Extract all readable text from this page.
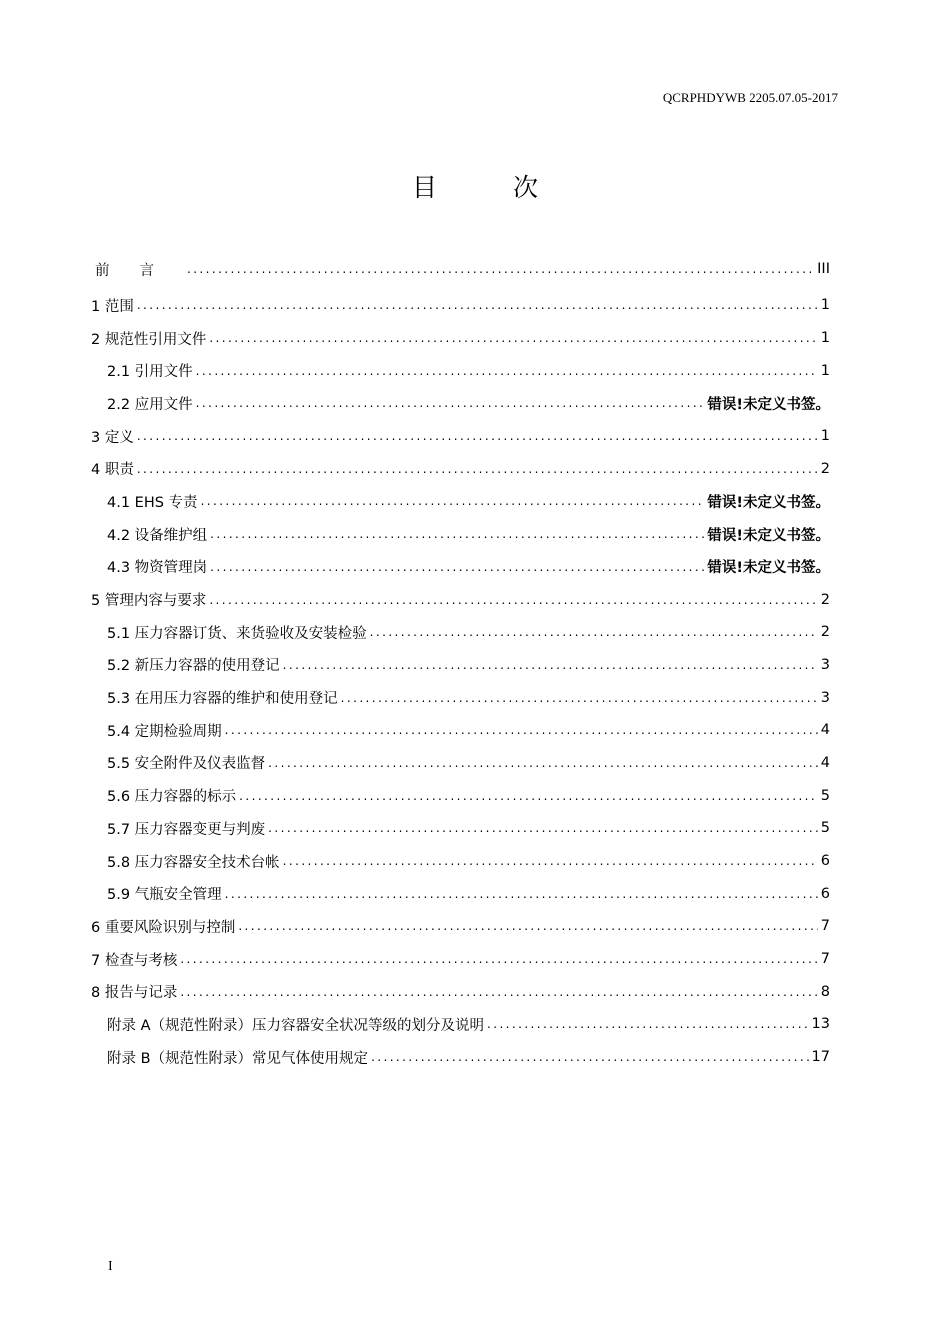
QCRPHDYWB 2205.07.05-2017
目 次
前言 .....	III
1 范围 .....	1
2 规范性引用文件 .....	1
2.1 引用文件 .....	1
2.2 应用文件 .....	错误!未定义书签。
3 定义 .....	1
4 职责 .....	2
4.1 EHS 专责 .....	错误!未定义书签。
4.2 设备维护组 .....	错误!未定义书签。
4.3 物资管理岗 .....	错误!未定义书签。
5 管理内容与要求 .....	2
5.1 压力容器订货、来货验收及安装检验 .....	2
5.2 新压力容器的使用登记 .....	3
5.3 在用压力容器的维护和使用登记 .....	3
5.4 定期检验周期 .....	4
5.5 安全附件及仪表监督 .....	4
5.6 压力容器的标示 .....	5
5.7 压力容器变更与判废 .....	5
5.8 压力容器安全技术台帐 .....	6
5.9 气瓶安全管理 .....	6
6 重要风险识别与控制 .....	7
7 检查与考核 .....	7
8 报告与记录 .....	8
附录 A（规范性附录）压力容器安全状况等级的划分及说明 .....	13
附录 B（规范性附录）常见气体使用规定 .....	17
I
